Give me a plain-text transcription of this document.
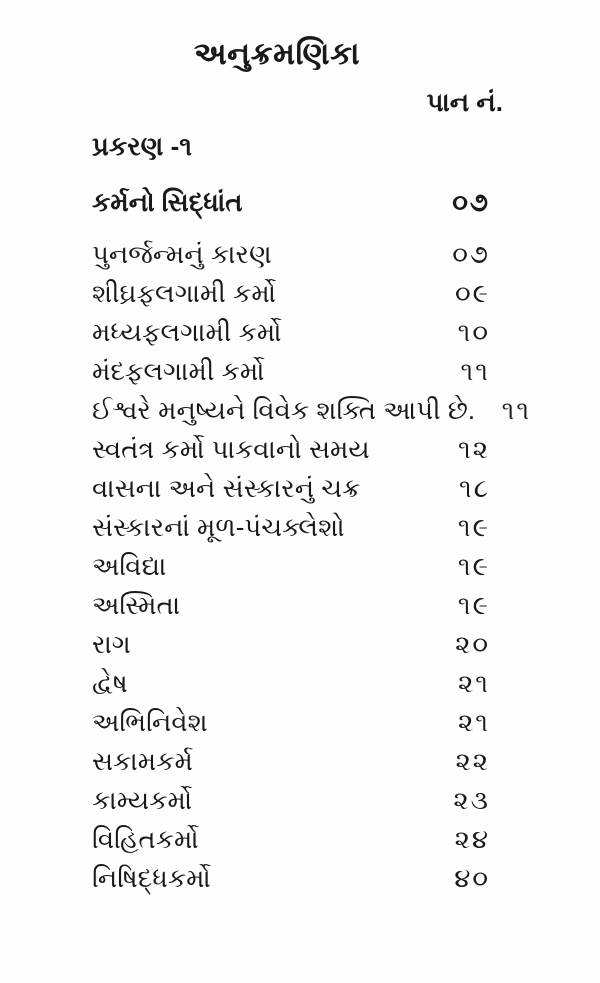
અનુક્રમણિકા
પાન નં.
પ્રકરણ -૧
કર્મનો સિદ્ધાંત	૦૭
પુનર્જન્મનું કારણ	૦૭
શીઘ્રફલગામી કર્મો	૦૯
મધ્યફલગામી કર્મો	૧૦
મંદફલગામી કર્મો	૧૧
ઈશ્વરે મનુષ્યને વિવેક શક્તિ આપી છે.	૧૧
સ્વતંત્ર કર્મો પાકવાનો સમય	૧૨
વાસના અને સંસ્કારનું ચક્ર	૧૮
સંસ્કારનાં મૂળ-પંચક્લેશો	૧૯
અવિદ્યા	૧૯
અસ્મિતા	૧૯
રાગ	૨૦
દ્વેષ	૨૧
અભિનિવેશ	૨૧
સકામકર્મ	૨૨
કામ્યકર્મો	૨૩
વિહિતકર્મો	૨૪
નિષિદ્ધકર્મો	૪૦
